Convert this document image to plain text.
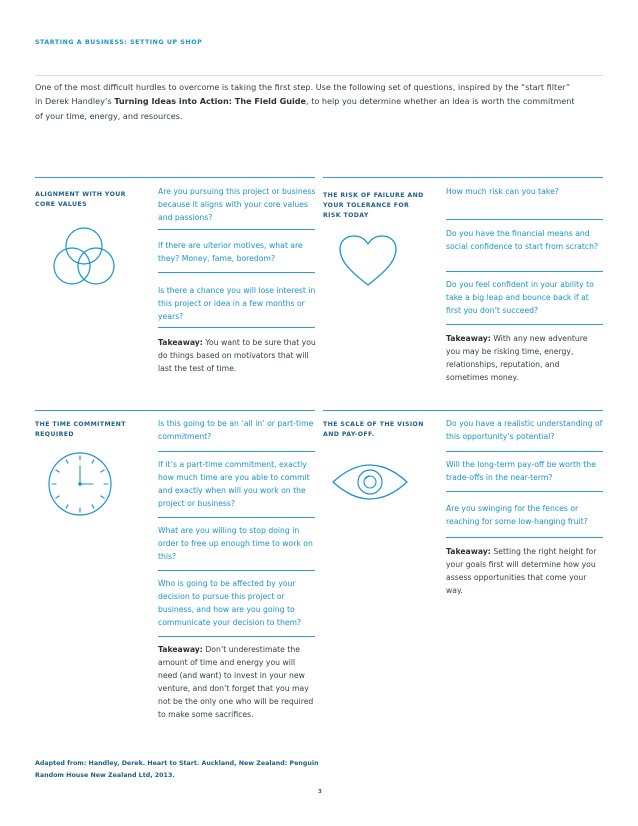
STARTING A BUSINESS: SETTING UP SHOP

One of the most difficult hurdles to overcome is taking the first step. Use the following set of questions, inspired by the “start filter” in Derek Handley’s Turning Ideas into Action: The Field Guide, to help you determine whether an idea is worth the commitment of your time, energy, and resources.

ALIGNMENT WITH YOUR
CORE VALUES
Are you pursuing this project or business because it aligns with your core values and passions?
If there are ulterior motives, what are they? Money, fame, boredom?
Is there a chance you will lose interest in this project or idea in a few months or years?
Takeaway: You want to be sure that you do things based on motivators that will last the test of time.
THE RISK OF FAILURE AND
YOUR TOLERANCE FOR
RISK TODAY
How much risk can you take?
Do you have the financial means and social confidence to start from scratch?
Do you feel confident in your ability to take a big leap and bounce back if at first you don’t succeed?
Takeaway: With any new adventure you may be risking time, energy, relationships, reputation, and sometimes money.
THE TIME COMMITMENT
REQUIRED
Is this going to be an ‘all in’ or part-time commitment?
If it’s a part-time commitment, exactly how much time are you able to commit and exactly when will you work on the project or business?
What are you willing to stop doing in order to free up enough time to work on this?
Who is going to be affected by your decision to pursue this project or business, and how are you going to communicate your decision to them?
Takeaway: Don’t underestimate the amount of time and energy you will need (and want) to invest in your new venture, and don’t forget that you may not be the only one who will be required to make some sacrifices.
THE SCALE OF THE VISION
AND PAY-OFF.
Do you have a realistic understanding of this opportunity’s potential?
Will the long-term pay-off be worth the trade-offs in the near-term?
Are you swinging for the fences or reaching for some low-hanging fruit?
Takeaway: Setting the right height for your goals first will determine how you assess opportunities that come your way.
Adapted from: Handley, Derek. Heart to Start. Auckland, New Zealand: Penguin Random House New Zealand Ltd, 2013.
3
